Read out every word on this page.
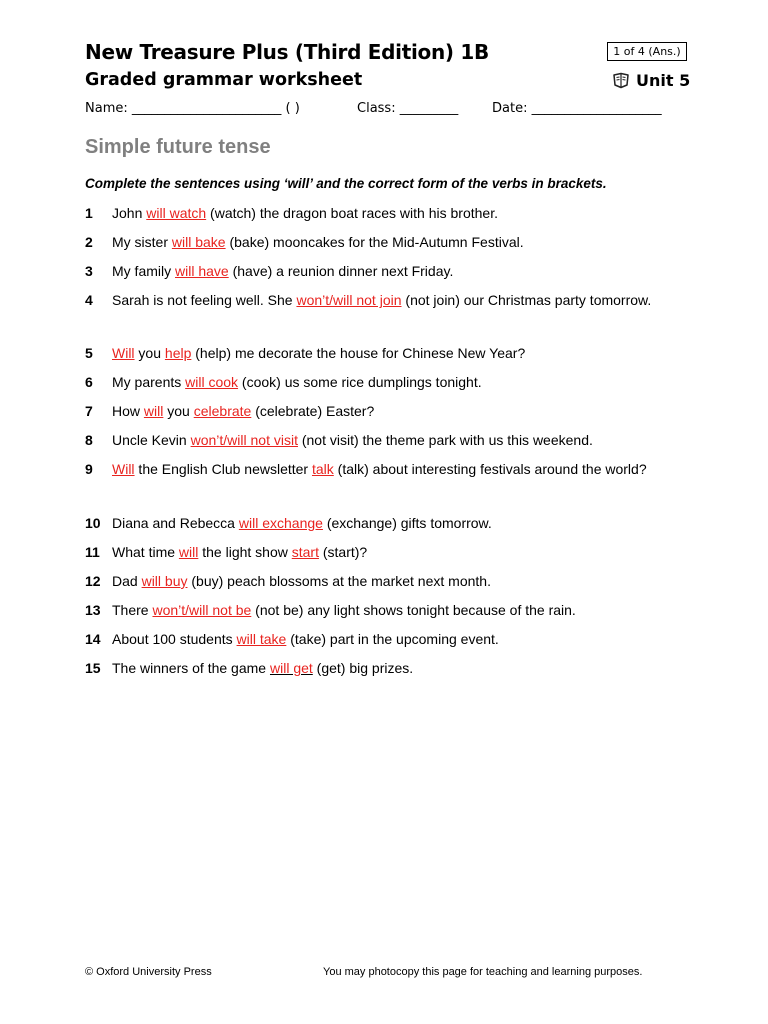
New Treasure Plus (Third Edition) 1B
Graded grammar worksheet
1 of 4 (Ans.)
Unit 5
Name: _______________________ ( )	Class: _________	Date: ____________________
Simple future tense
Complete the sentences using ‘will’ and the correct form of the verbs in brackets.
1	John will watch (watch) the dragon boat races with his brother.
2	My sister will bake (bake) mooncakes for the Mid-Autumn Festival.
3	My family will have (have) a reunion dinner next Friday.
4	Sarah is not feeling well. She won’t/will not join (not join) our Christmas party tomorrow.
5	Will you help (help) me decorate the house for Chinese New Year?
6	My parents will cook (cook) us some rice dumplings tonight.
7	How will you celebrate (celebrate) Easter?
8	Uncle Kevin won’t/will not visit (not visit) the theme park with us this weekend.
9	Will the English Club newsletter talk (talk) about interesting festivals around the world?
10 Diana and Rebecca will exchange (exchange) gifts tomorrow.
11 What time will the light show start (start)?
12 Dad will buy (buy) peach blossoms at the market next month.
13 There won’t/will not be (not be) any light shows tonight because of the rain.
14 About 100 students will take (take) part in the upcoming event.
15 The winners of the game will get (get) big prizes.
© Oxford University Press	You may photocopy this page for teaching and learning purposes.
